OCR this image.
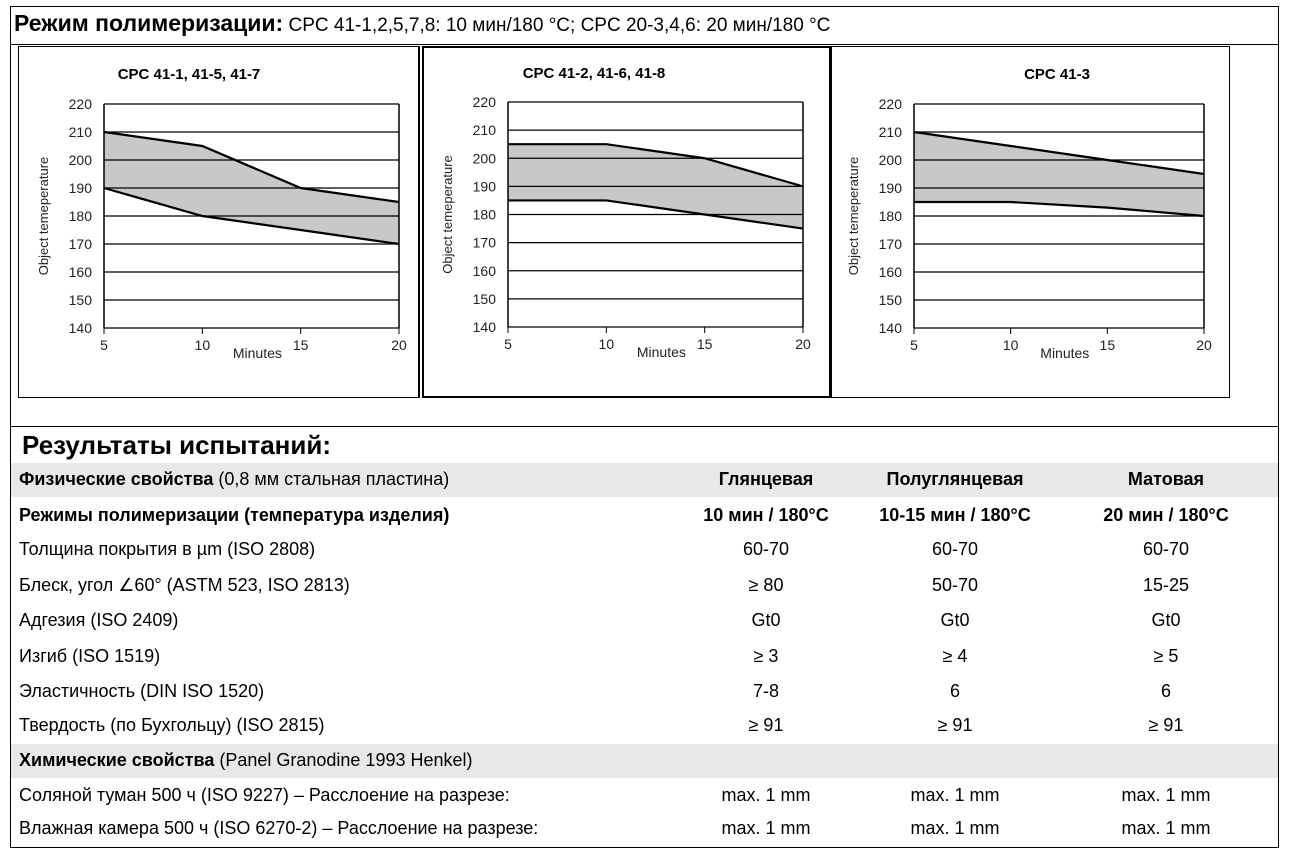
Режим полимеризации: CPC 41-1,2,5,7,8: 10 мин/180 °C; CPC 20-3,4,6: 20 мин/180 °C
CPC 41-1, 41-5, 41-7
140
150
160
170
180
190
200
210
220
5	10	15	20
Minutes
Object temeperature
CPC 41-2, 41-6, 41-8
140
150
160
170
180
190
200
210
220
5	10	15	20
Minutes
Object temeperature
CPC 41-3
140
150
160
170
180
190
200
210
220
5	10	15	20
Minutes
Object temeperature
Результаты испытаний:
Физические свойства (0,8 мм стальная пластина)	Глянцевая	Полуглянцевая	Матовая
Режимы полимеризации (температура изделия)	10 мин / 180°C	10-15 мин / 180°C	20 мин / 180°C
Толщина покрытия в µm (ISO 2808)	60-70	60-70	60-70
Блеск, угол ∠60° (ASTM 523, ISO 2813)	≥ 80	50-70	15-25
Адгезия (ISO 2409)	Gt0	Gt0	Gt0
Изгиб (ISO 1519)	≥ 3	≥ 4	≥ 5
Эластичность (DIN ISO 1520)	7-8	6	6
Твердость (по Бухгольцу) (ISO 2815)	≥ 91	≥ 91	≥ 91
Химические свойства (Panel Granodine 1993 Henkel)
Соляной туман 500 ч (ISO 9227) – Расслоение на разрезе:	max. 1 mm	max. 1 mm	max. 1 mm
Влажная камера 500 ч (ISO 6270-2) – Расслоение на разрезе:	max. 1 mm	max. 1 mm	max. 1 mm
